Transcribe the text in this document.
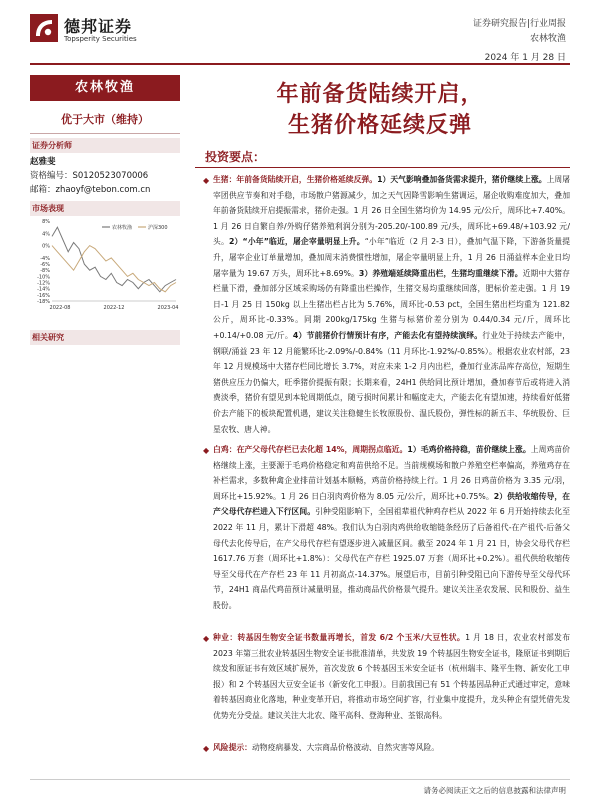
德邦证券
Topsperity Securities
证券研究报告|行业周报
农林牧渔
2024 年 1 月 28 日
农林牧渔
优于大市（维持）
证券分析师
赵雅斐
资格编号：S0120523070006
邮箱：zhaoyf@tebon.com.cn
市场表现
8%
4%
0%
-4%
-6%
-8%
-10%
-12%
-14%
-16%
-18%
2022-08	2022-12	2023-04
农林牧渔	沪深300
相关研究
年前备货陆续开启，
生猪价格延续反弹
投资要点：
◆ 生猪：年前备货陆续开启，生猪价格延续反弹。1）天气影响叠加备货需求提升，猪价继续上涨。上周屠宰团供应节奏和对手稳，市场散户猪源减少，加之天气因降雪影响生猪调运，屠企收购难度加大，叠加年前备货陆续开启提振需求，猪价走强。1 月 26 日全国生猪均价为 14.95 元/公斤，周环比+7.40%。1 月 26 日自繁自养/外购仔猪养殖利润分别为-205.20/-100.89 元/头，周环比+69.48/+103.92 元/头。2）“小年”临近，屠企宰量明显上升。“小年”临近（2 月 2-3 日），叠加气温下降，下游备货量提升，屠宰企业订单量增加，叠加周末消费惯性增加，屠企宰量明显上升，1 月 26 日涌益样本企业日均屠宰量为 19.67 万头，周环比+8.69%。3）养殖端延续降重出栏，生猪均重继续下滑。近期中大猪存栏量下滑，叠加部分区域采购场仍有降重出栏操作，生猪交易均重继续回落，肥标价差走强。1 月 19 日-1 月 25 日 150kg 以上生猪出栏占比为 5.76%，周环比-0.53 pct，全国生猪出栏均重为 121.82 公斤，周环比-0.33%。同期 200kg/175kg 生猪与标猪价差分别为 0.44/0.34 元/斤，周环比+0.14/+0.08 元/斤。4）节前猪价行情预计有序，产能去化有望持续演绎。行业处于持续去产能中，钢联/涌益 23 年 12 月能繁环比-2.09%/-0.84%（11 月环比-1.92%/-0.85%）。根据农业农村部，23 年 12 月规模场中大猪存栏同比增长 3.7%，对应未来 1-2 月内出栏，叠加行业冻品库存高位，短期生猪供应压力仍偏大，旺季猪价提振有限；长期来看，24H1 供给同比预计增加，叠加春节后或将进入消费淡季，猪价有望见到本轮周期低点，随亏损时间累计和幅度走大，产能去化有望加速，持续看好低猪价去产能下的板块配置机遇，建议关注稳健生长牧原股份、温氏股份，弹性标的新五丰、华统股份、巨星农牧、唐人神。
◆ 白鸡：在产父母代存栏已去化超 14%，周期拐点临近。1）毛鸡价格持稳，苗价继续上涨。上周鸡苗价格继续上涨，主要源于毛鸡价格稳定和鸡苗供给不足。当前规模场和散户养殖空栏率偏高，养殖鸡存在补栏需求，多数种禽企业排苗计划基本顺畅，鸡苗价格持续上行。1 月 26 日鸡苗价格为 3.35 元/羽，周环比+15.92%。1 月 26 日白羽肉鸡价格为 8.05 元/公斤，周环比+0.75%。2）供给收缩传导，在产父母代存栏进入下行区间。引种受阻影响下，全国祖辈祖代种鸡存栏从 2022 年 6 月开始持续去化至 2022 年 11 月，累计下滑超 48%。我们认为白羽肉鸡供给收缩链条经历了后备祖代-在产祖代-后备父母代去化传导后，在产父母代存栏有望逐步进入减量区间。截至 2024 年 1 月 21 日，协会父母代存栏 1617.76 万套（周环比+1.8%）：父母代在产存栏 1925.07 万套（周环比+0.2%）。祖代供给收缩传导至父母代在产存栏 23 年 11 月初高点-14.37%。展望后市，目前引种受阻已向下游传导至父母代环节，24H1 商品代鸡苗预计减量明显，推动商品代价格景气提升。建议关注圣农发展、民和股份、益生股份。
◆ 种业：转基因生物安全证书数量再增长，首发 6/2 个玉米/大豆性状。1 月 18 日，农业农村部发布 2023 年第三批农业转基因生物安全证书批准清单，共发放 19 个转基因生物安全证书，隆原证书到期后续发和原证书有效区域扩展外，首次发放 6 个转基因玉米安全证书（杭州瑞丰、隆平生物、新安化工申报）和 2 个转基因大豆安全证书（新安化工申报）。目前我国已有 51 个转基因品种正式通过审定，意味着转基因商业化落地，种业变革开启，将推动市场空间扩容，行业集中度提升，龙头种企有望凭借先发优势充分受益。建议关注大北农、隆平高科、登海种业、荃银高科。
◆ 风险提示：动物疫病暴发、大宗商品价格波动、自然灾害等风险。
请务必阅读正文之后的信息披露和法律声明
